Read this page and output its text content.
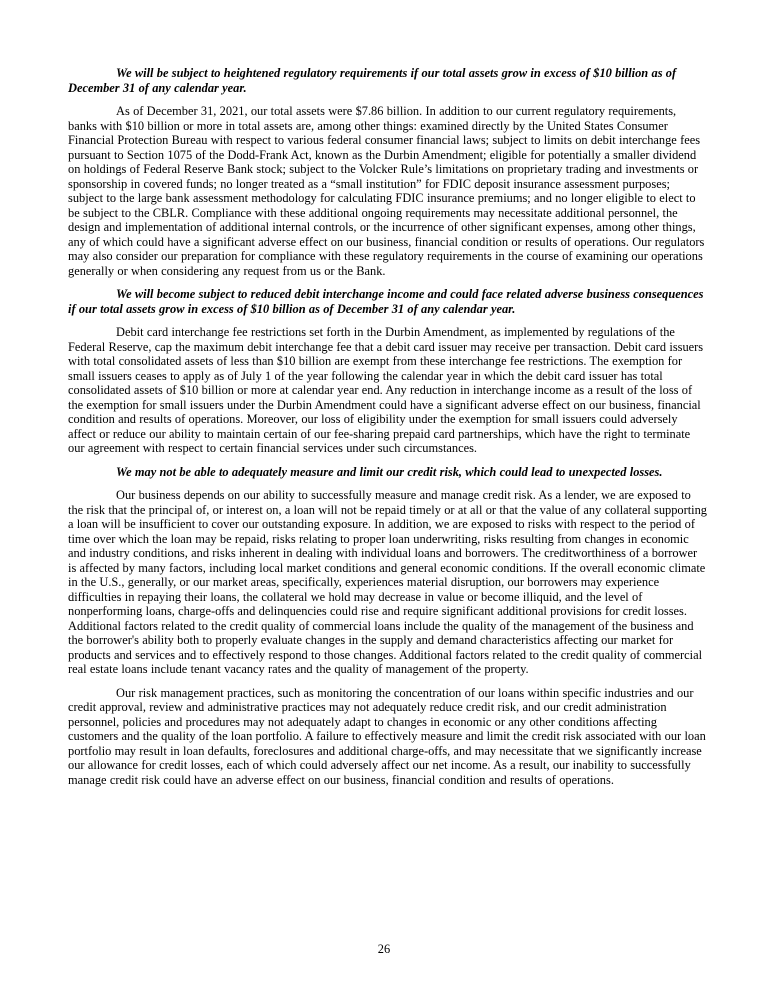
We will be subject to heightened regulatory requirements if our total assets grow in excess of $10 billion as of December 31 of any calendar year.

As of December 31, 2021, our total assets were $7.86 billion. In addition to our current regulatory requirements, banks with $10 billion or more in total assets are, among other things: examined directly by the United States Consumer Financial Protection Bureau with respect to various federal consumer financial laws; subject to limits on debit interchange fees pursuant to Section 1075 of the Dodd-Frank Act, known as the Durbin Amendment; eligible for potentially a smaller dividend on holdings of Federal Reserve Bank stock; subject to the Volcker Rule’s limitations on proprietary trading and investments or sponsorship in covered funds; no longer treated as a “small institution” for FDIC deposit insurance assessment purposes; subject to the large bank assessment methodology for calculating FDIC insurance premiums; and no longer eligible to elect to be subject to the CBLR. Compliance with these additional ongoing requirements may necessitate additional personnel, the design and implementation of additional internal controls, or the incurrence of other significant expenses, among other things, any of which could have a significant adverse effect on our business, financial condition or results of operations. Our regulators may also consider our preparation for compliance with these regulatory requirements in the course of examining our operations generally or when considering any request from us or the Bank.

We will become subject to reduced debit interchange income and could face related adverse business consequences if our total assets grow in excess of $10 billion as of December 31 of any calendar year.

Debit card interchange fee restrictions set forth in the Durbin Amendment, as implemented by regulations of the Federal Reserve, cap the maximum debit interchange fee that a debit card issuer may receive per transaction. Debit card issuers with total consolidated assets of less than $10 billion are exempt from these interchange fee restrictions. The exemption for small issuers ceases to apply as of July 1 of the year following the calendar year in which the debit card issuer has total consolidated assets of $10 billion or more at calendar year end. Any reduction in interchange income as a result of the loss of the exemption for small issuers under the Durbin Amendment could have a significant adverse effect on our business, financial condition and results of operations. Moreover, our loss of eligibility under the exemption for small issuers could adversely affect or reduce our ability to maintain certain of our fee-sharing prepaid card partnerships, which have the right to terminate our agreement with respect to certain financial services under such circumstances.

We may not be able to adequately measure and limit our credit risk, which could lead to unexpected losses.

Our business depends on our ability to successfully measure and manage credit risk. As a lender, we are exposed to the risk that the principal of, or interest on, a loan will not be repaid timely or at all or that the value of any collateral supporting a loan will be insufficient to cover our outstanding exposure. In addition, we are exposed to risks with respect to the period of time over which the loan may be repaid, risks relating to proper loan underwriting, risks resulting from changes in economic and industry conditions, and risks inherent in dealing with individual loans and borrowers. The creditworthiness of a borrower is affected by many factors, including local market conditions and general economic conditions. If the overall economic climate in the U.S., generally, or our market areas, specifically, experiences material disruption, our borrowers may experience difficulties in repaying their loans, the collateral we hold may decrease in value or become illiquid, and the level of nonperforming loans, charge-offs and delinquencies could rise and require significant additional provisions for credit losses. Additional factors related to the credit quality of commercial loans include the quality of the management of the business and the borrower's ability both to properly evaluate changes in the supply and demand characteristics affecting our market for products and services and to effectively respond to those changes. Additional factors related to the credit quality of commercial real estate loans include tenant vacancy rates and the quality of management of the property.

Our risk management practices, such as monitoring the concentration of our loans within specific industries and our credit approval, review and administrative practices may not adequately reduce credit risk, and our credit administration personnel, policies and procedures may not adequately adapt to changes in economic or any other conditions affecting customers and the quality of the loan portfolio. A failure to effectively measure and limit the credit risk associated with our loan portfolio may result in loan defaults, foreclosures and additional charge-offs, and may necessitate that we significantly increase our allowance for credit losses, each of which could adversely affect our net income. As a result, our inability to successfully manage credit risk could have an adverse effect on our business, financial condition and results of operations.

26
